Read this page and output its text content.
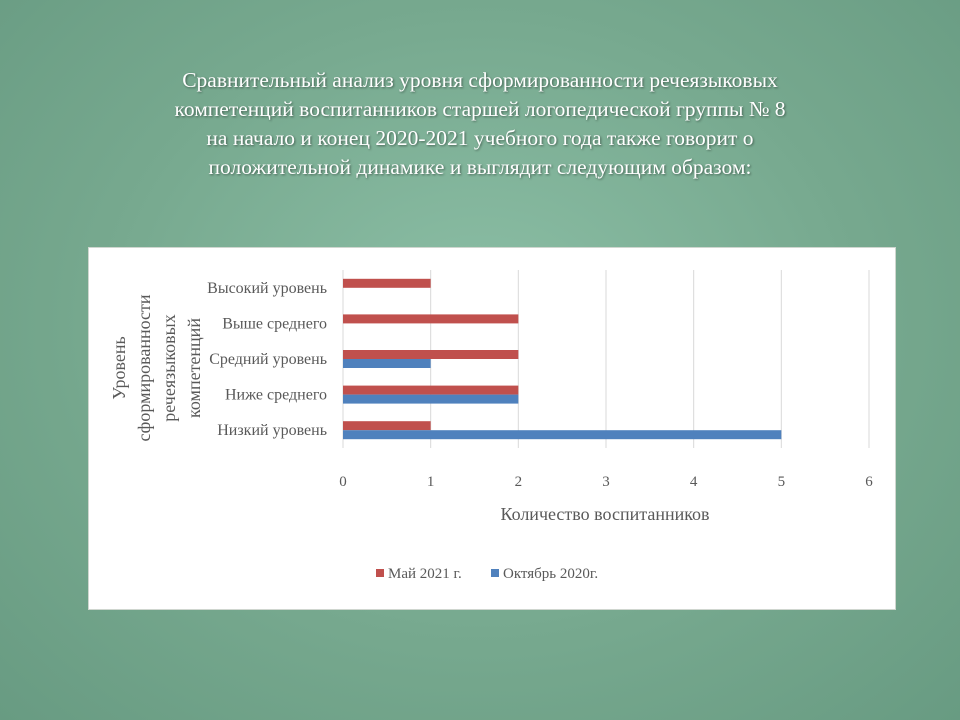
Сравнительный анализ уровня сформированности речеязыковых
компетенций воспитанников старшей логопедической группы № 8
на начало и конец 2020-2021 учебного года также говорит о
положительной динамике и выглядит следующим образом:
0	1	2	3	4	5	6
Низкий уровень
Ниже среднего
Средний уровень
Выше среднего
Высокий уровень
Количество воспитанников
Уровень сформированности речеязыковых компетенций
Май 2021 г.	Октябрь 2020г.
